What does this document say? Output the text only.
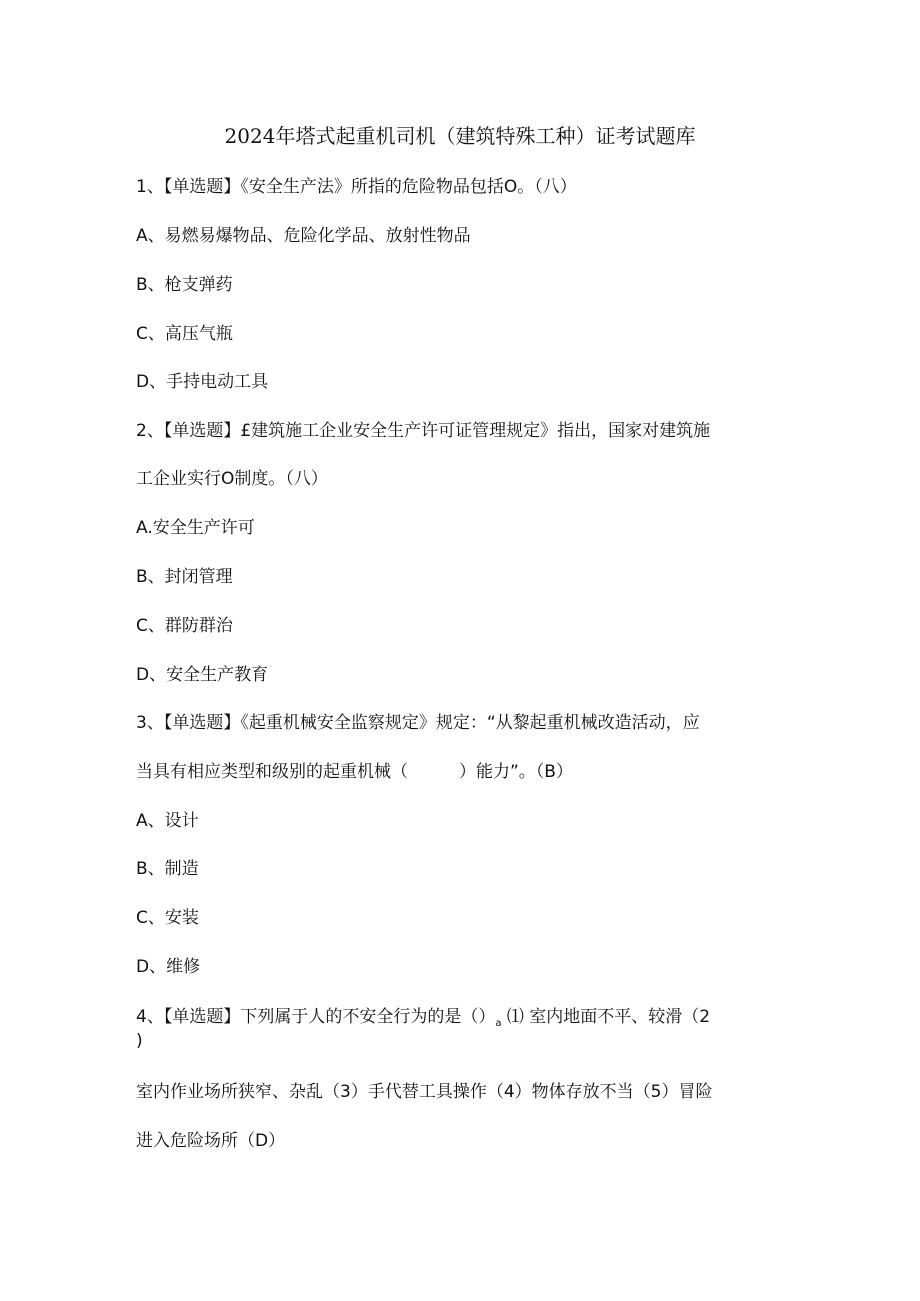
2024年塔式起重机司机（建筑特殊工种）证考试题库
1、【单选题】《安全生产法》所指的危险物品包括O。（八）
A、易燃易爆物品、危险化学品、放射性物品
B、枪支弹药
C、高压气瓶
D、手持电动工具
2、【单选题】£建筑施工企业安全生产许可证管理规定》指出，国家对建筑施
工企业实行O制度。（八）
A.安全生产许可
B、封闭管理
C、群防群治
D、安全生产教育
3、【单选题】《起重机械安全监察规定》规定：“从黎起重机械改造活动，应
当具有相应类型和级别的起重机械（　　　）能力”。（B）
A、设计
B、制造
C、安装
D、维修
4、【单选题】下列属于人的不安全行为的是$()_a$ ⑴ 室内地面不平、较滑（2
)
室内作业场所狭窄、杂乱（3）手代替工具操作（4）物体存放不当（5）冒险
进入危险场所（D）
